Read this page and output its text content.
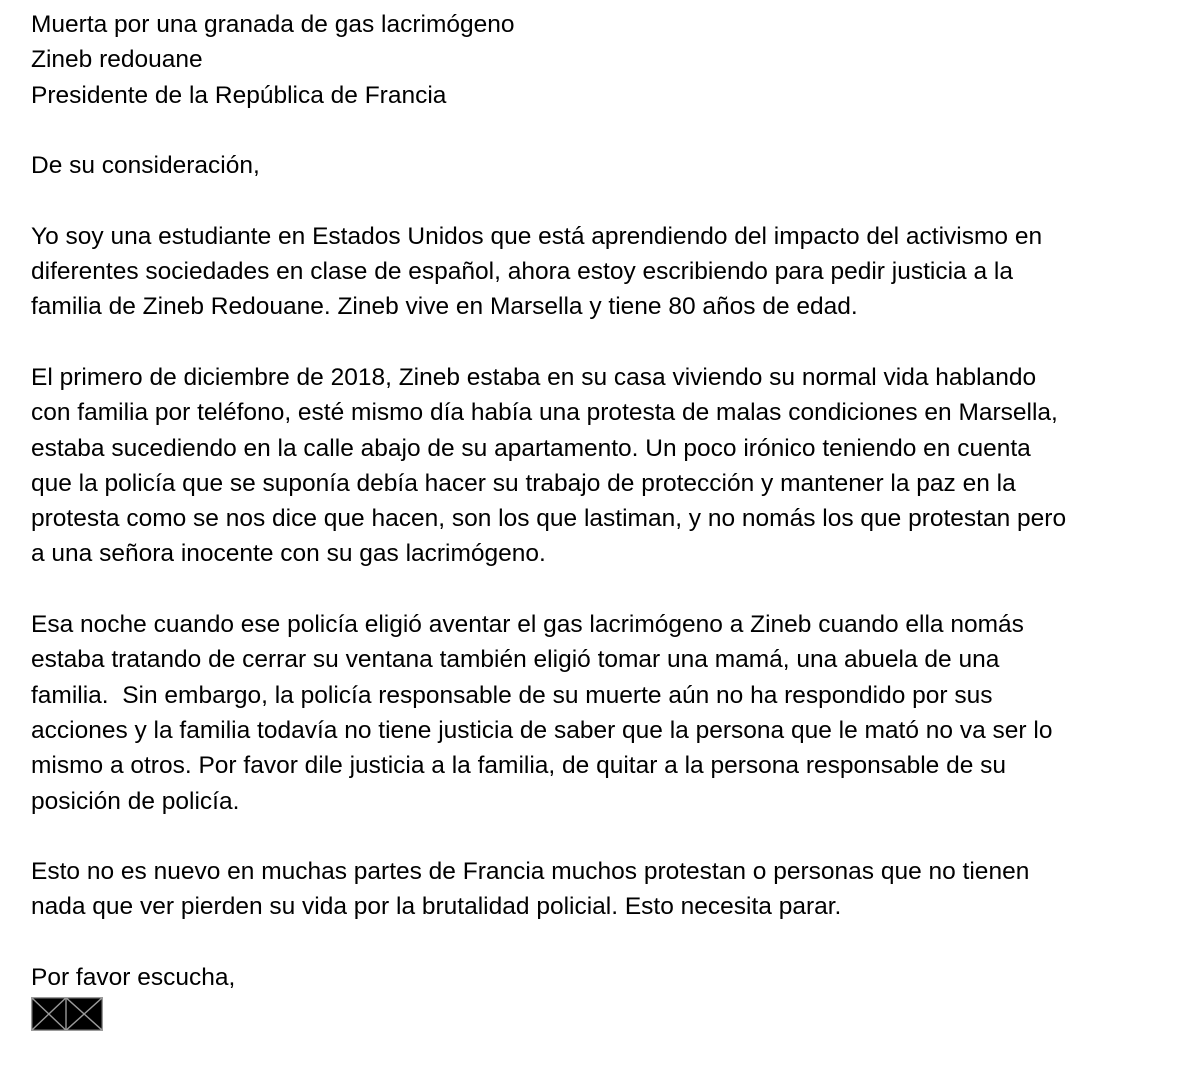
Muerta por una granada de gas lacrimógeno
Zineb redouane
Presidente de la República de Francia
De su consideración,
Yo soy una estudiante en Estados Unidos que está aprendiendo del impacto del activismo en
diferentes sociedades en clase de español, ahora estoy escribiendo para pedir justicia a la
familia de Zineb Redouane. Zineb vive en Marsella y tiene 80 años de edad.
El primero de diciembre de 2018, Zineb estaba en su casa viviendo su normal vida hablando
con familia por teléfono, esté mismo día había una protesta de malas condiciones en Marsella,
estaba sucediendo en la calle abajo de su apartamento. Un poco irónico teniendo en cuenta
que la policía que se suponía debía hacer su trabajo de protección y mantener la paz en la
protesta como se nos dice que hacen, son los que lastiman, y no nomás los que protestan pero
a una señora inocente con su gas lacrimógeno.
Esa noche cuando ese policía eligió aventar el gas lacrimógeno a Zineb cuando ella nomás
estaba tratando de cerrar su ventana también eligió tomar una mamá, una abuela de una
familia.  Sin embargo, la policía responsable de su muerte aún no ha respondido por sus
acciones y la familia todavía no tiene justicia de saber que la persona que le mató no va ser lo
mismo a otros. Por favor dile justicia a la familia, de quitar a la persona responsable de su
posición de policía.
Esto no es nuevo en muchas partes de Francia muchos protestan o personas que no tienen
nada que ver pierden su vida por la brutalidad policial. Esto necesita parar.
Por favor escucha,
